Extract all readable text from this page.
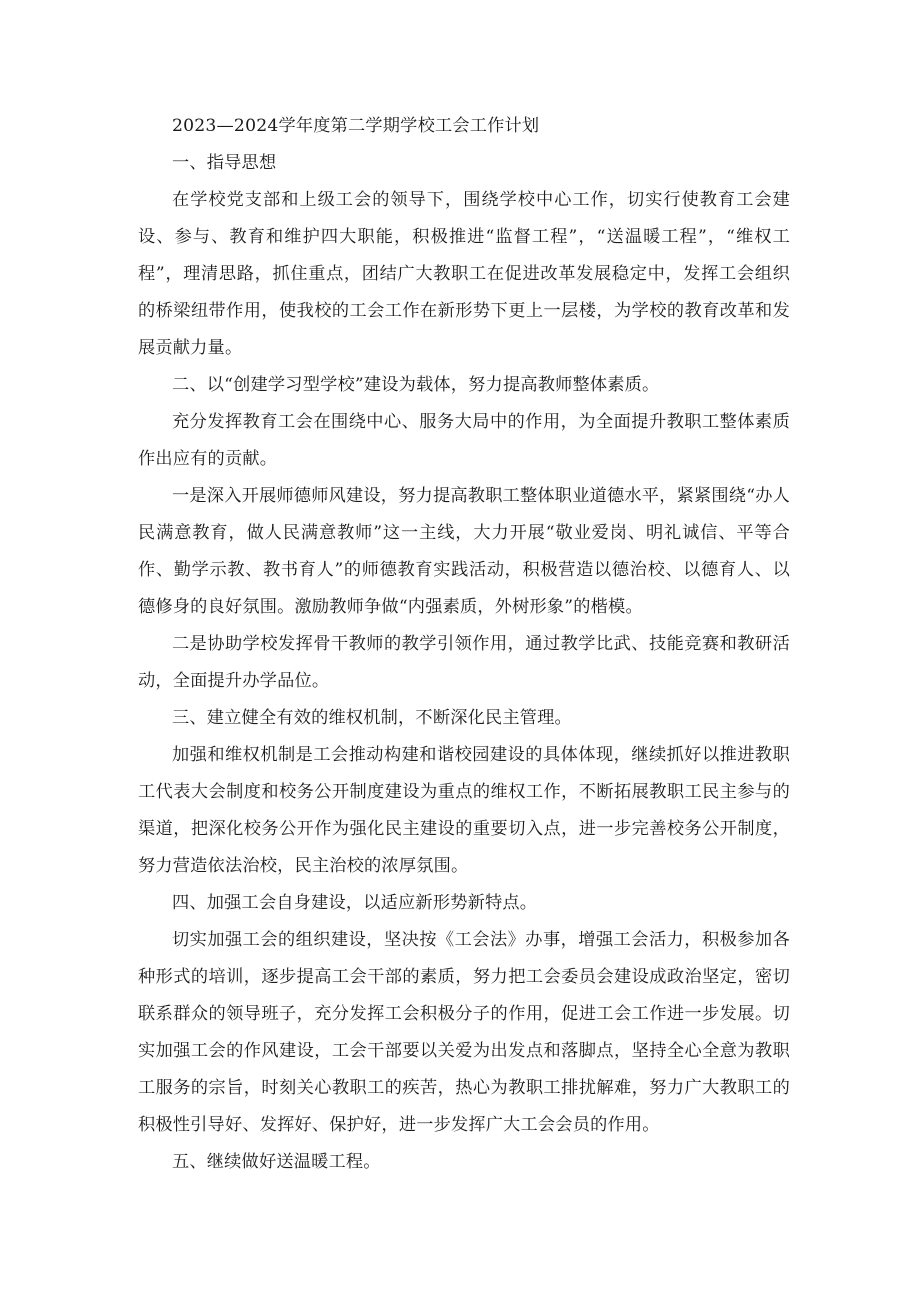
2023—2024学年度第二学期学校工会工作计划

一、指导思想

在学校党支部和上级工会的领导下，围绕学校中心工作，切实行使教育工会建设、参与、教育和维护四大职能，积极推进“监督工程”，“送温暖工程”，“维权工程”，理清思路，抓住重点，团结广大教职工在促进改革发展稳定中，发挥工会组织的桥梁纽带作用，使我校的工会工作在新形势下更上一层楼，为学校的教育改革和发展贡献力量。

二、以“创建学习型学校”建设为载体，努力提高教师整体素质。

充分发挥教育工会在围绕中心、服务大局中的作用，为全面提升教职工整体素质作出应有的贡献。

一是深入开展师德师风建设，努力提高教职工整体职业道德水平，紧紧围绕“办人民满意教育，做人民满意教师”这一主线，大力开展“敬业爱岗、明礼诚信、平等合作、勤学示教、教书育人”的师德教育实践活动，积极营造以德治校、以德育人、以德修身的良好氛围。激励教师争做“内强素质，外树形象”的楷模。

二是协助学校发挥骨干教师的教学引领作用，通过教学比武、技能竞赛和教研活动，全面提升办学品位。

三、建立健全有效的维权机制，不断深化民主管理。

加强和维权机制是工会推动构建和谐校园建设的具体体现，继续抓好以推进教职工代表大会制度和校务公开制度建设为重点的维权工作，不断拓展教职工民主参与的渠道，把深化校务公开作为强化民主建设的重要切入点，进一步完善校务公开制度，努力营造依法治校，民主治校的浓厚氛围。

四、加强工会自身建设，以适应新形势新特点。

切实加强工会的组织建设，坚决按《工会法》办事，增强工会活力，积极参加各种形式的培训，逐步提高工会干部的素质，努力把工会委员会建设成政治坚定，密切联系群众的领导班子，充分发挥工会积极分子的作用，促进工会工作进一步发展。切实加强工会的作风建设，工会干部要以关爱为出发点和落脚点，坚持全心全意为教职工服务的宗旨，时刻关心教职工的疾苦，热心为教职工排扰解难，努力广大教职工的积极性引导好、发挥好、保护好，进一步发挥广大工会会员的作用。

五、继续做好送温暖工程。
